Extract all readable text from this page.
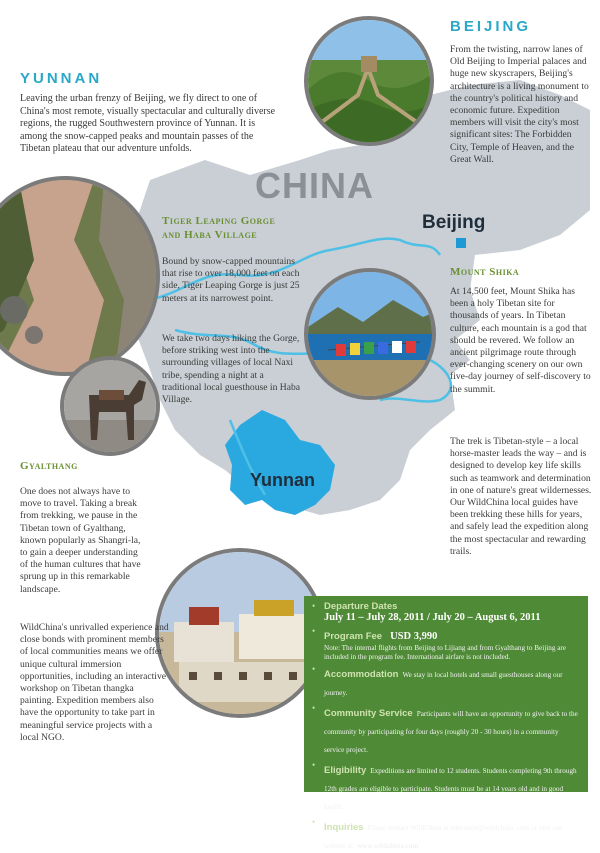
CHINA
Beijing
Yunnan
YUNNAN
Leaving the urban frenzy of Beijing, we fly direct to one of China's most remote, visually spectacular and culturally diverse regions, the rugged Southwestern province of Yunnan. It is among the snow-capped peaks and mountain passes of the Tibetan plateau that our adventure unfolds.
BEIJING
From the twisting, narrow lanes of Old Beijing to Imperial palaces and huge new skyscrapers, Beijing's architecture is a living monument to the country's political history and economic future. Expedition members will visit the city's most significant sites: The Forbidden City, Temple of Heaven, and the Great Wall.
Tiger Leaping Gorge
and Haba Village
Bound by snow-capped mountains that rise to over 18,000 feet on each side, Tiger Leaping Gorge is just 25 meters at its narrowest point.
We take two days hiking the Gorge, before striking west into the surrounding villages of local Naxi tribe, spending a night at a traditional local guesthouse in Haba Village.
Mount Shika
At 14,500 feet, Mount Shika has been a holy Tibetan site for thousands of years. In Tibetan culture, each mountain is a god that should be revered. We follow an ancient pilgrimage route through ever-changing scenery on our own five-day journey of self-discovery to the summit.
The trek is Tibetan-style – a local horse-master leads the way – and is designed to develop key life skills such as teamwork and determination in one of nature's great wildernesses. Our WildChina local guides have been trekking these hills for years, and safely lead the expedition along the most spectacular and rewarding trails.
Gyalthang
One does not always have to move to travel. Taking a break from trekking, we pause in the Tibetan town of Gyalthang, known popularly as Shangri-la, to gain a deeper understanding of the human cultures that have sprung up in this remarkable landscape.
WildChina's unrivalled experience and close bonds with prominent members of local communities means we offer unique cultural immersion opportunities, including an interactive workshop on Tibetan thangka painting. Expedition members also have the opportunity to take part in meaningful service projects with a local NGO.
• Departure Dates
July 11 – July 28, 2011 / July 20 – August 6, 2011
• Program Fee USD 3,990
Note: The internal flights from Beijing to Lijiang and from Gyalthang to Beijing are included in the program fee. International airfare is not included.
• Accommodation We stay in local hotels and small guesthouses along our journey.
• Community Service Participants will have an opportunity to give back to the community by participating for four days (roughly 20 - 30 hours) in a community service project.
• Eligibility Expeditions are limited to 12 students. Students completing 9th through 12th grades are eligible to participate. Students must be at 14 years old and in good health.
• Inquiries Please contact WildChina at education@wildchina. com or visit our website at www.wildchina.com
